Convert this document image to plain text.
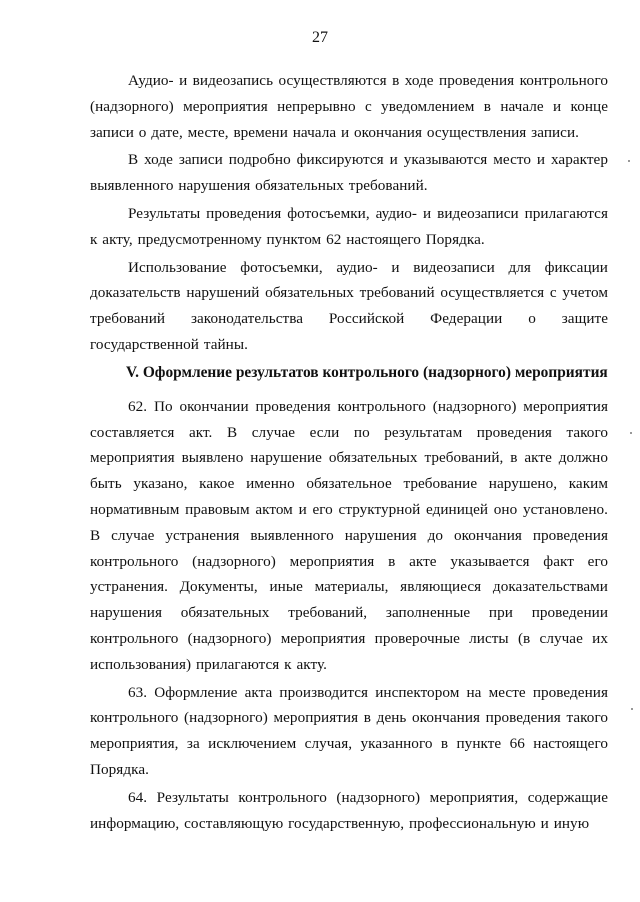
27

Аудио- и видеозапись осуществляются в ходе проведения контрольного (надзорного) мероприятия непрерывно с уведомлением в начале и конце записи о дате, месте, времени начала и окончания осуществления записи.

В ходе записи подробно фиксируются и указываются место и характер выявленного нарушения обязательных требований.

Результаты проведения фотосъемки, аудио- и видеозаписи прилагаются к акту, предусмотренному пунктом 62 настоящего Порядка.

Использование фотосъемки, аудио- и видеозаписи для фиксации доказательств нарушений обязательных требований осуществляется с учетом требований законодательства Российской Федерации о защите государственной тайны.

V. Оформление результатов контрольного (надзорного) мероприятия

62. По окончании проведения контрольного (надзорного) мероприятия составляется акт. В случае если по результатам проведения такого мероприятия выявлено нарушение обязательных требований, в акте должно быть указано, какое именно обязательное требование нарушено, каким нормативным правовым актом и его структурной единицей оно установлено. В случае устранения выявленного нарушения до окончания проведения контрольного (надзорного) мероприятия в акте указывается факт его устранения. Документы, иные материалы, являющиеся доказательствами нарушения обязательных требований, заполненные при проведении контрольного (надзорного) мероприятия проверочные листы (в случае их использования) прилагаются к акту.

63. Оформление акта производится инспектором на месте проведения контрольного (надзорного) мероприятия в день окончания проведения такого мероприятия, за исключением случая, указанного в пункте 66 настоящего Порядка.

64. Результаты контрольного (надзорного) мероприятия, содержащие информацию, составляющую государственную, профессиональную и иную
